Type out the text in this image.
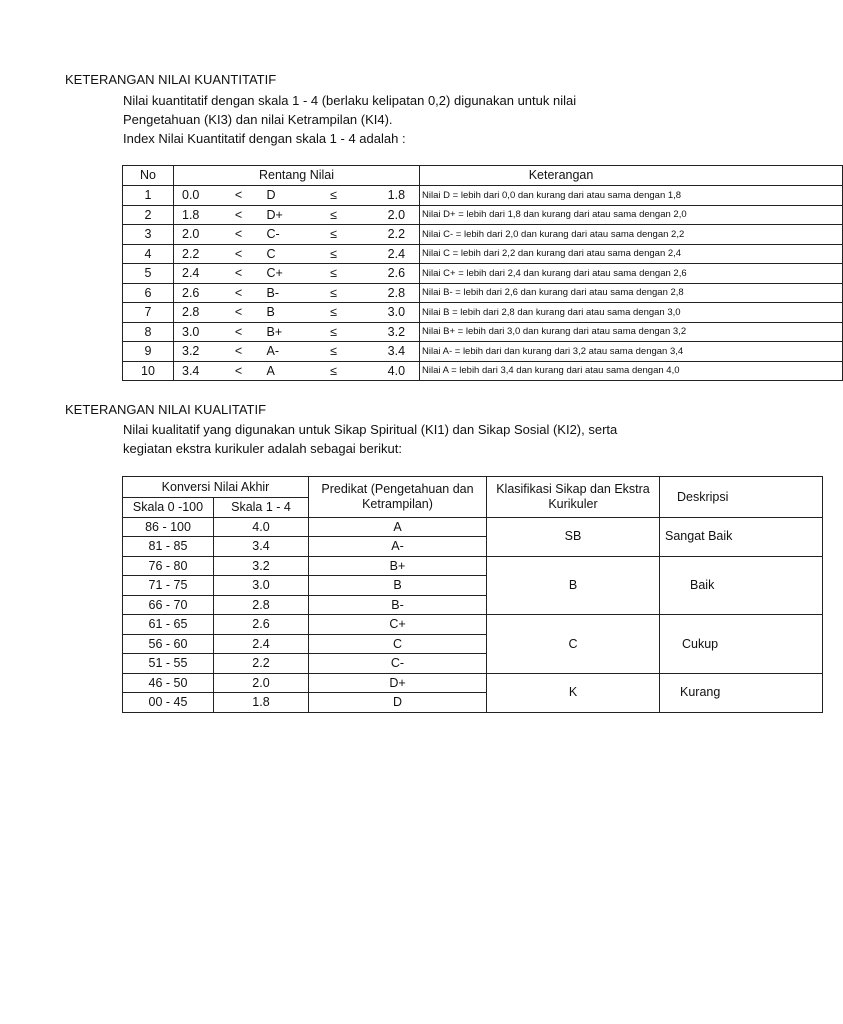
KETERANGAN NILAI KUANTITATIF
Nilai kuantitatif dengan skala 1 - 4 (berlaku kelipatan 0,2) digunakan untuk nilai
Pengetahuan (KI3) dan nilai Ketrampilan (KI4).
Index Nilai Kuantitatif dengan skala 1 - 4 adalah :
No	Rentang Nilai					Keterangan
1	0.0	<	D	≤	1.8	Nilai D = lebih dari 0,0 dan kurang dari atau sama dengan 1,8
2	1.8	<	D+	≤	2.0	Nilai D+ = lebih dari 1,8 dan kurang dari atau sama dengan 2,0
3	2.0	<	C-	≤	2.2	Nilai C- = lebih dari 2,0 dan kurang dari atau sama dengan 2,2
4	2.2	<	C	≤	2.4	Nilai C = lebih dari 2,2 dan kurang dari atau sama dengan 2,4
5	2.4	<	C+	≤	2.6	Nilai C+ = lebih dari 2,4 dan kurang dari atau sama dengan 2,6
6	2.6	<	B-	≤	2.8	Nilai B- = lebih dari 2,6 dan kurang dari atau sama dengan 2,8
7	2.8	<	B	≤	3.0	Nilai B = lebih dari 2,8 dan kurang dari atau sama dengan 3,0
8	3.0	<	B+	≤	3.2	Nilai B+ = lebih dari 3,0 dan kurang dari atau sama dengan 3,2
9	3.2	<	A-	≤	3.4	Nilai A- = lebih dari dan kurang dari 3,2 atau sama dengan 3,4
10	3.4	<	A	≤	4.0	Nilai A = lebih dari 3,4 dan kurang dari atau sama dengan 4,0
KETERANGAN NILAI KUALITATIF
Nilai kualitatif yang digunakan untuk Sikap Spiritual (KI1) dan Sikap Sosial (KI2), serta
kegiatan ekstra kurikuler adalah sebagai berikut:
Konversi Nilai Akhir		Predikat (Pengetahuan dan Ketrampilan)	Klasifikasi Sikap dan Ekstra Kurikuler	Deskripsi
Skala 0 -100	Skala 1 - 4			
86 - 100	4.0	A	SB	Sangat Baik
81 - 85	3.4	A-		
76 - 80	3.2	B+	B	Baik
71 - 75	3.0	B		
66 - 70	2.8	B-		
61 - 65	2.6	C+	C	Cukup
56 - 60	2.4	C		
51 - 55	2.2	C-		
46 - 50	2.0	D+	K	Kurang
00 - 45	1.8	D		
